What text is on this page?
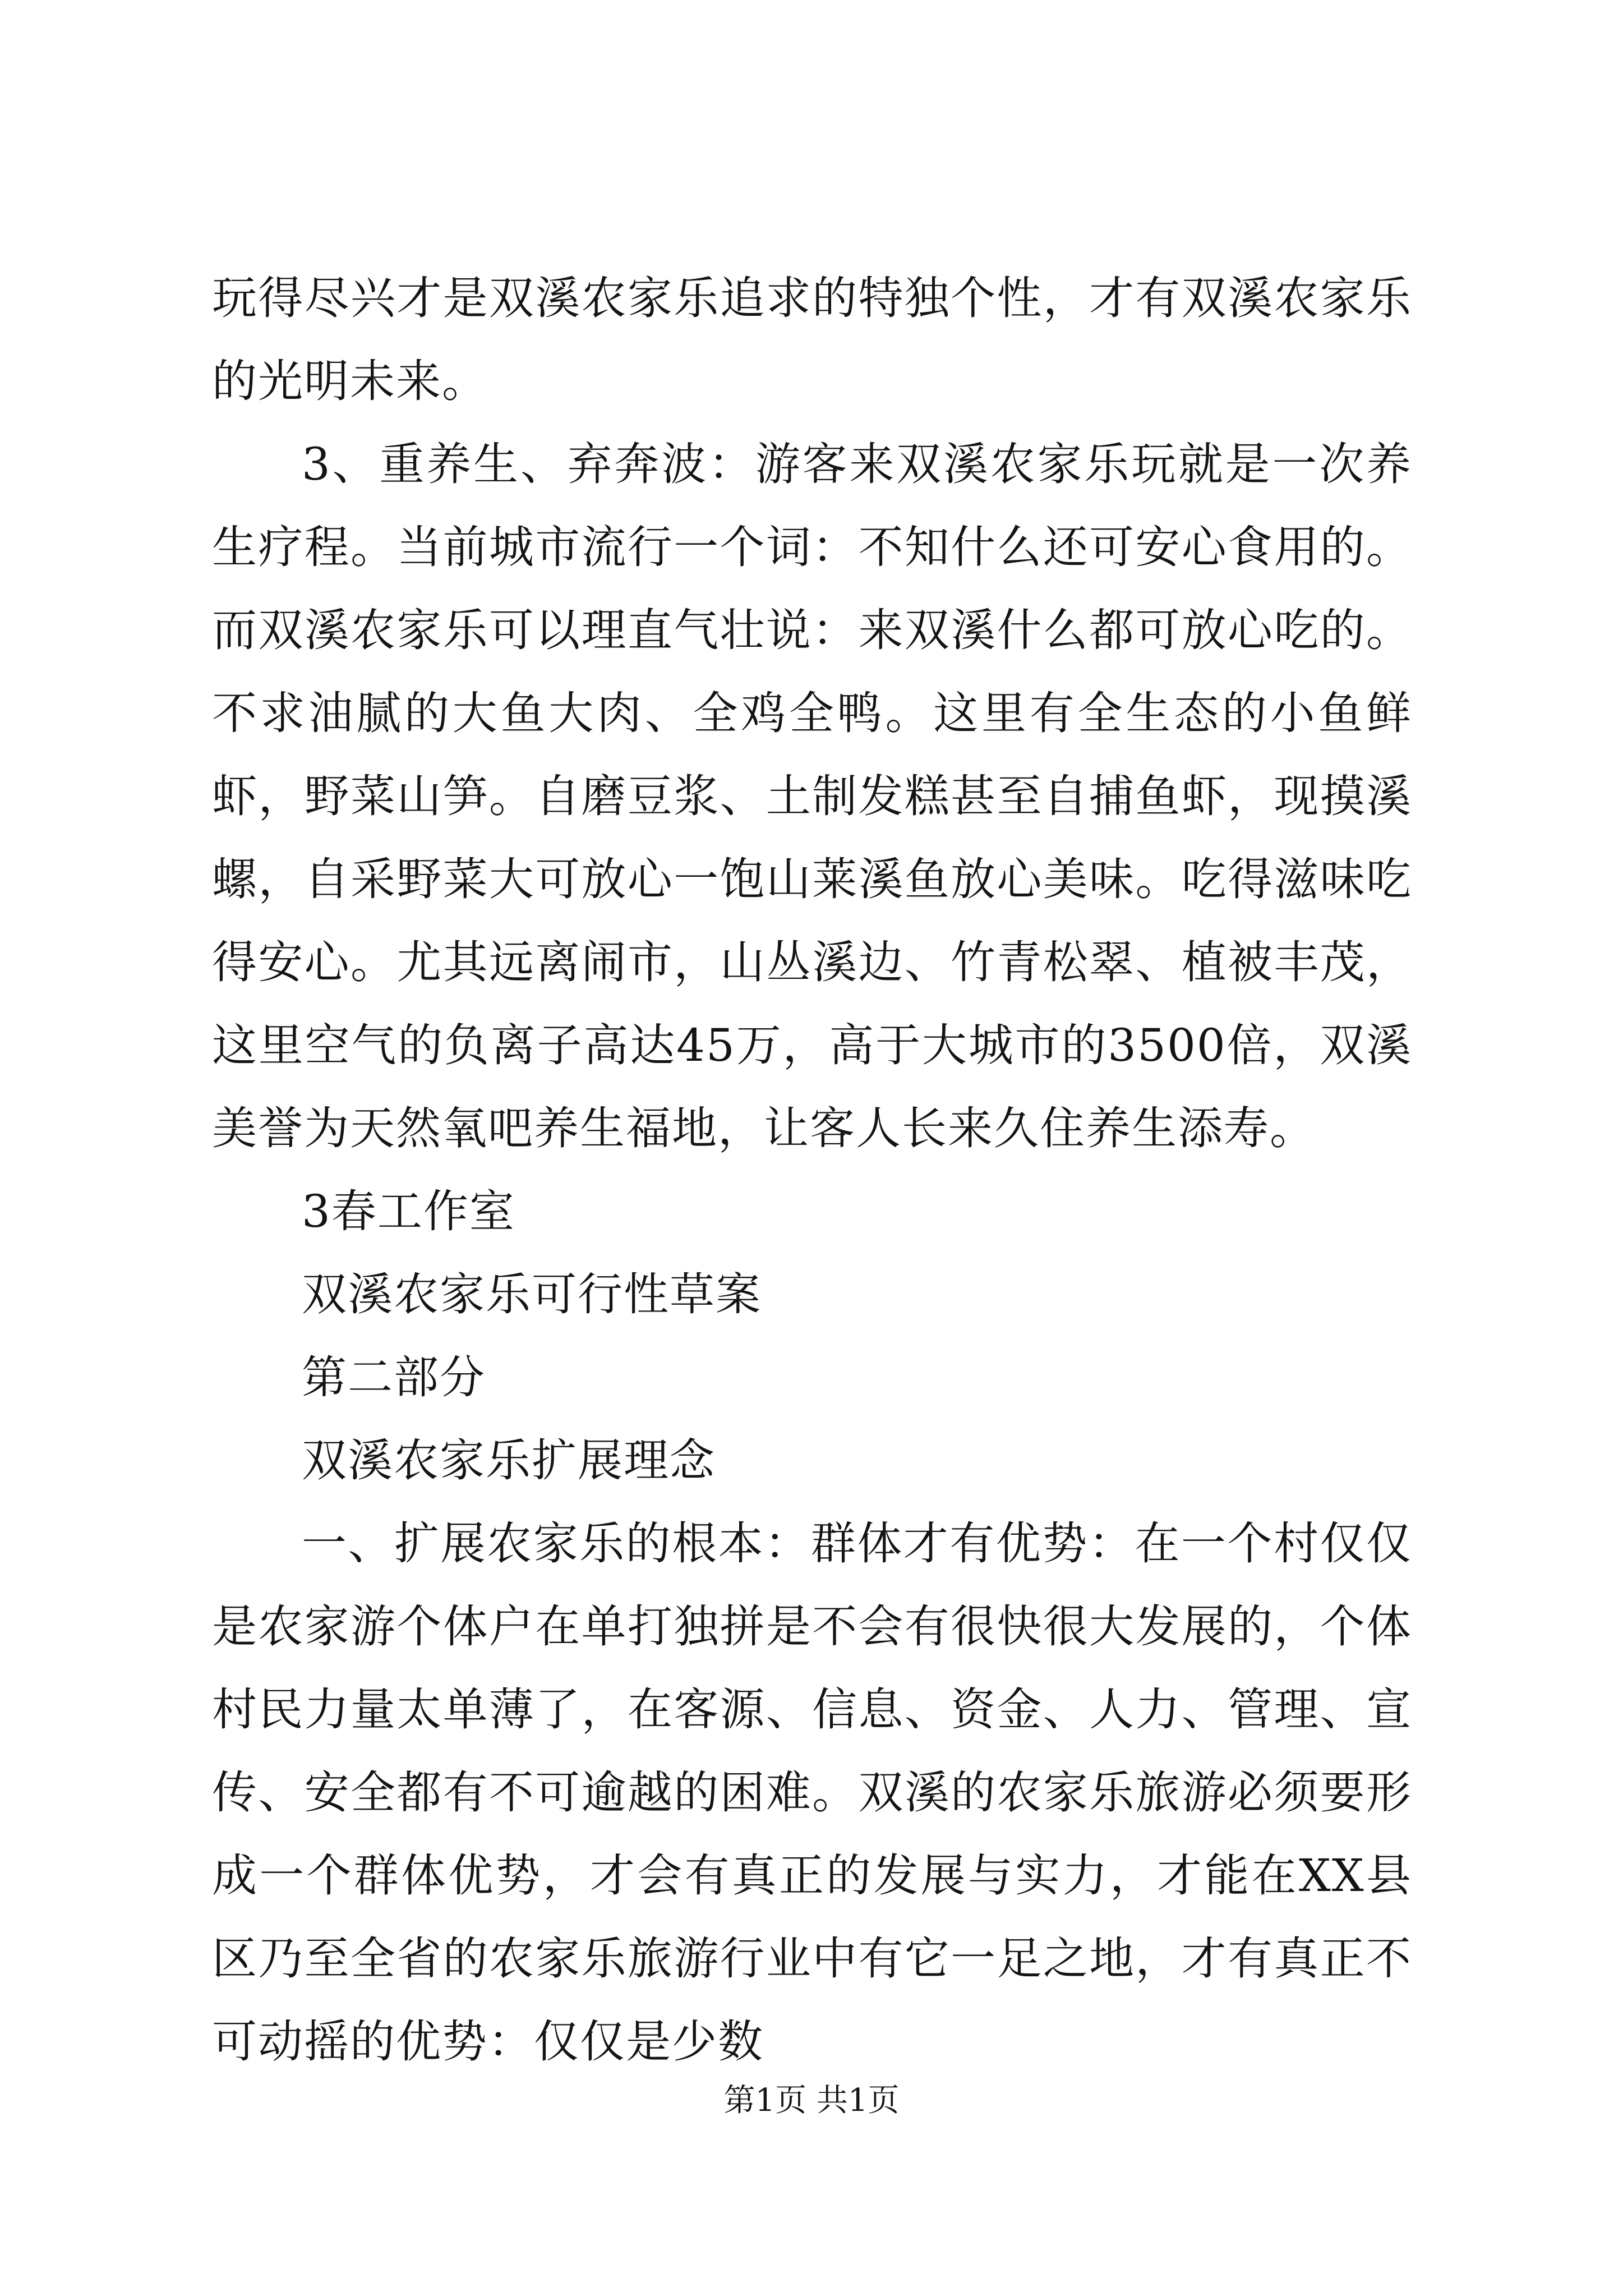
玩得尽兴才是双溪农家乐追求的特独个性，才有双溪农家乐的光明未来。

3、重养生、弃奔波：游客来双溪农家乐玩就是一次养生疗程。当前城市流行一个词：不知什么还可安心食用的。而双溪农家乐可以理直气壮说：来双溪什么都可放心吃的。不求油腻的大鱼大肉、全鸡全鸭。这里有全生态的小鱼鲜虾，野菜山笋。自磨豆浆、土制发糕甚至自捕鱼虾，现摸溪螺，自采野菜大可放心一饱山莱溪鱼放心美味。吃得滋味吃得安心。尤其远离闹市，山丛溪边、竹青松翠、植被丰茂，这里空气的负离子高达45万，高于大城市的3500倍，双溪美誉为天然氧吧养生福地，让客人长来久住养生添寿。

3春工作室

双溪农家乐可行性草案

第二部分

双溪农家乐扩展理念

一、扩展农家乐的根本：群体才有优势：在一个村仅仅是农家游个体户在单打独拼是不会有很快很大发展的，个体村民力量太单薄了，在客源、信息、资金、人力、管理、宣传、安全都有不可逾越的困难。双溪的农家乐旅游必须要形成一个群体优势，才会有真正的发展与实力，才能在XX县区乃至全省的农家乐旅游行业中有它一足之地，才有真正不可动摇的优势：仅仅是少数

第1页 共1页
